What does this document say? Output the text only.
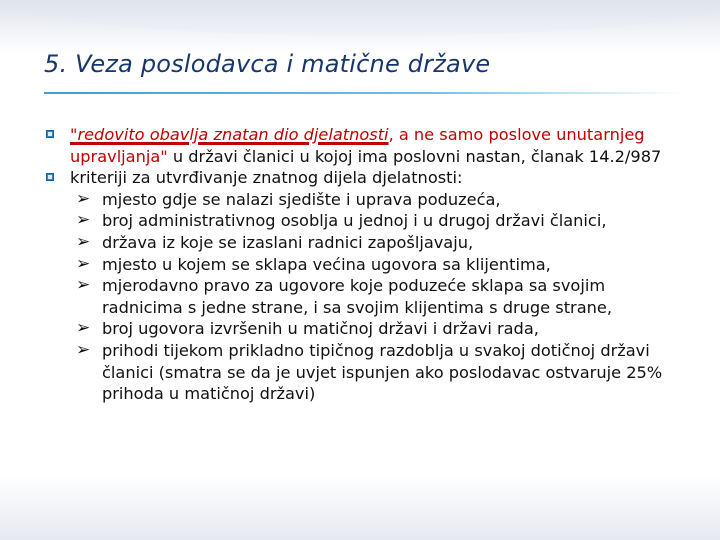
5. Veza poslodavca i matične države
"redovito obavlja znatan dio djelatnosti, a ne samo poslove unutarnjeg upravljanja" u državi članici u kojoj ima poslovni nastan, članak 14.2/987
kriteriji za utvrđivanje znatnog dijela djelatnosti:
➢ mjesto gdje se nalazi sjedište i uprava poduzeća,
➢ broj administrativnog osoblja u jednoj i u drugoj državi članici,
➢ država iz koje se izaslani radnici zapošljavaju,
➢ mjesto u kojem se sklapa većina ugovora sa klijentima,
➢ mjerodavno pravo za ugovore koje poduzeće sklapa sa svojim radnicima s jedne strane, i sa svojim klijentima s druge strane,
➢ broj ugovora izvršenih u matičnoj državi i državi rada,
➢ prihodi tijekom prikladno tipičnog razdoblja u svakoj dotičnoj državi članici (smatra se da je uvjet ispunjen ako poslodavac ostvaruje 25% prihoda u matičnoj državi)
